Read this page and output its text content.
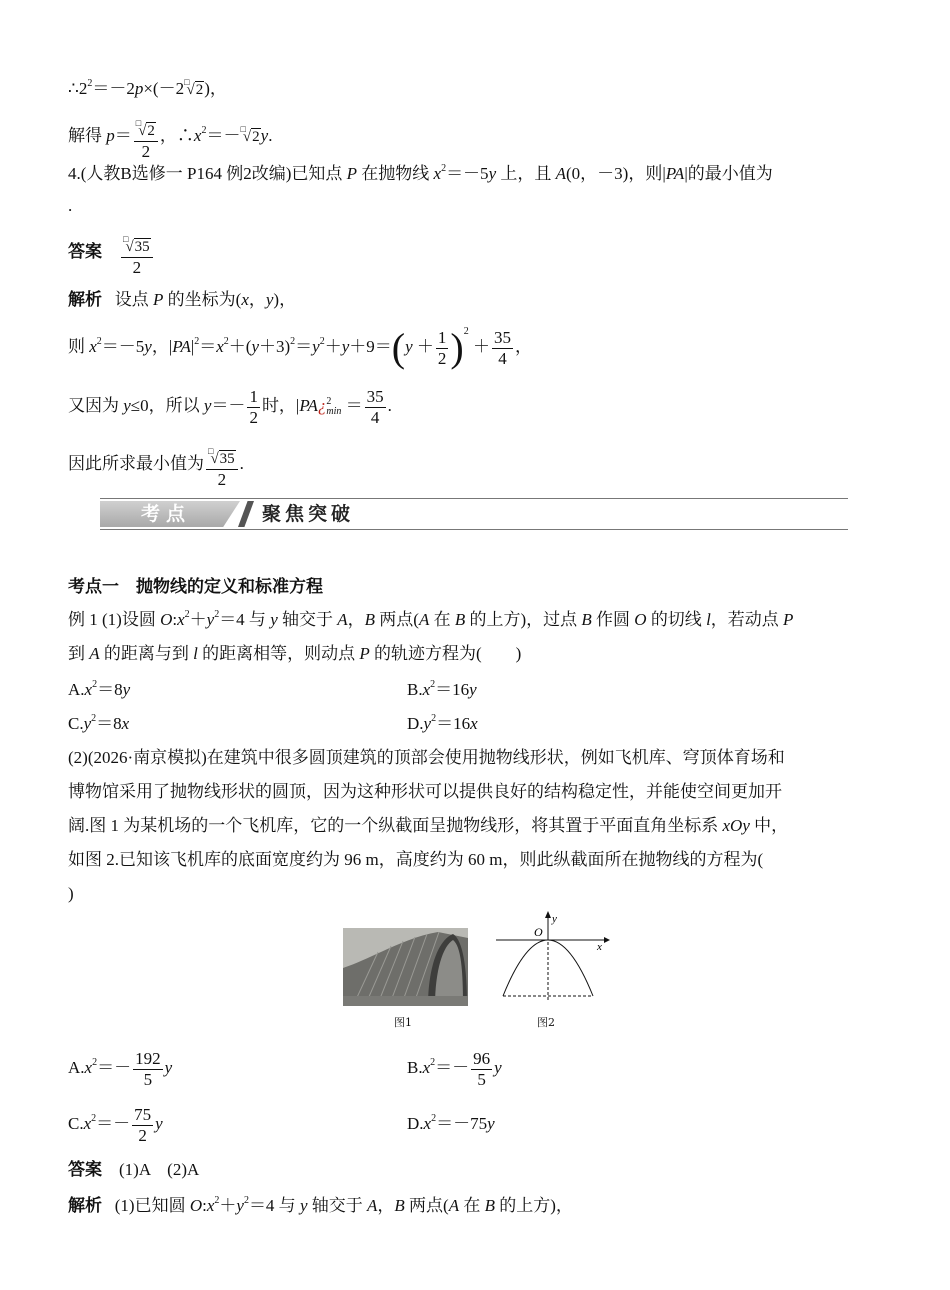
$\therefore 2^2=-2p\times(-2^□√2)$，
解得 $p= \frac{^□√2}{2}$ ，$\therefore x^2=-^□√2y$.
4.(人教B选修一 P164 例2改编)已知点 P 在抛物线 $x^2=-5y$ 上，且 A(0，－3)，则|PA|的最小值为
.
答案 $\frac{^□√35}{2}$
解析 设点 P 的坐标为(x，y)，
则 $x^2=-5y$，$|PA|^2=x^2+(y+3)^2=y^2+y+9=(y + \frac{1}{2} )^2 + \frac{35}{4}$ ，
又因为 y≤0，所以 $y=- \frac{1}{2}$ 时，|PA¿ 2
$\min = \frac{35}{4}$ .
因此所求最小值为 $\frac{^□√35}{2}$ .
考点	聚焦突破
考点一　抛物线的定义和标准方程
例 1 (1)设圆 $O:x^2+y^2=4$ 与 y 轴交于 A，B 两点(A 在 B 的上方)，过点 B 作圆 O 的切线 l，若动点 P
到 A 的距离与到 l 的距离相等，则动点 P 的轨迹方程为(　　)
$A.x^2=8y$	$B.x^2=16y$
$C.y^2=8x$	$D.y^2=16x$
(2)(2026·南京模拟)在建筑中很多圆顶建筑的顶部会使用抛物线形状，例如飞机库、穹顶体育场和
博物馆采用了抛物线形状的圆顶，因为这种形状可以提供良好的结构稳定性，并能使空间更加开
阔.图 1 为某机场的一个飞机库，它的一个纵截面呈抛物线形，将其置于平面直角坐标系 xOy 中，
如图 2.已知该飞机库的底面宽度约为 96 m，高度约为 60 m，则此纵截面所在抛物线的方程为(
)
图1
O
x
y
图2
$A.x^2=- \frac{192}{5}$ y	$B.x^2=- \frac{96}{5}$ y
$C.x^2=- \frac{75}{2}$ y	$D.x^2=-75y$
答案 (1)A　(2)A
解析 (1)已知圆 $O:x^2+y^2=4$ 与 y 轴交于 A，B 两点(A 在 B 的上方)，
